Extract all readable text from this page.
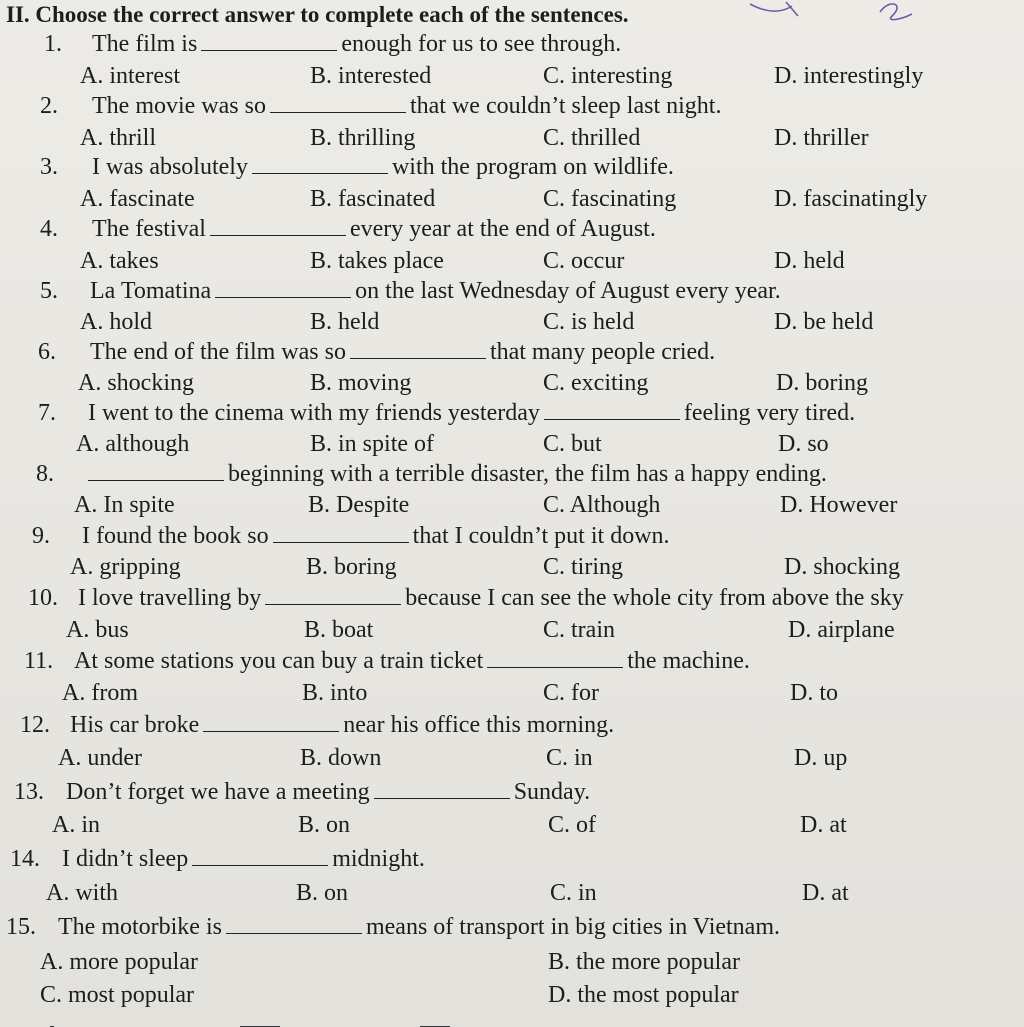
II. Choose the correct answer to complete each of the sentences.
1. The film is	enough for us to see through.
A. interest	B. interested	C. interesting	D. interestingly
2. The movie was so	that we couldn’t sleep last night.
A. thrill	B. thrilling	C. thrilled	D. thriller
3. I was absolutely	with the program on wildlife.
A. fascinate	B. fascinated	C. fascinating	D. fascinatingly
4. The festival	every year at the end of August.
A. takes	B. takes place	C. occur	D. held
5. La Tomatina	on the last Wednesday of August every year.
A. hold	B. held	C. is held	D. be held
6. The end of the film was so	that many people cried.
A. shocking	B. moving	C. exciting	D. boring
7. I went to the cinema with my friends yesterday	feeling very tired.
A. although	B. in spite of	C. but	D. so
8.	beginning with a terrible disaster, the film has a happy ending.
A. In spite	B. Despite	C. Although	D. However
9. I found the book so	that I couldn’t put it down.
A. gripping	B. boring	C. tiring	D. shocking
10. I love travelling by	because I can see the whole city from above the sky
A. bus	B. boat	C. train	D. airplane
11. At some stations you can buy a train ticket	the machine.
A. from	B. into	C. for	D. to
12. His car broke	near his office this morning.
A. under	B. down	C. in	D. up
13. Don’t forget we have a meeting	Sunday.
A. in	B. on	C. of	D. at
14. I didn’t sleep	midnight.
A. with	B. on	C. in	D. at
15. The motorbike is	means of transport in big cities in Vietnam.
A. more popular	B. the more popular
C. most popular	D. the most popular
